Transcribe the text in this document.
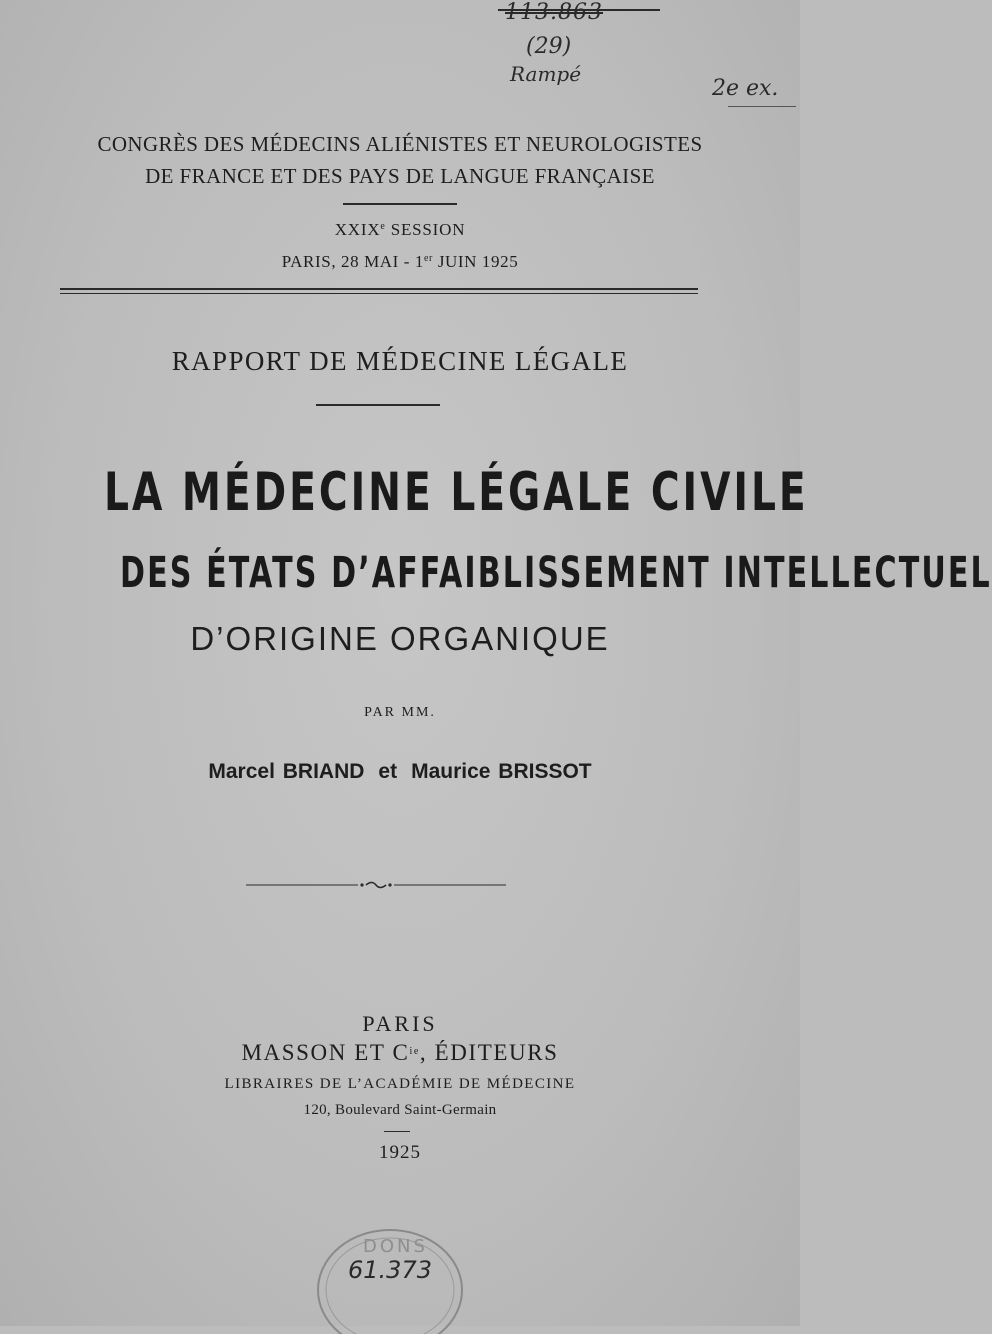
113.863
(29)
Rampé
2e ex.
CONGRÈS DES MÉDECINS ALIÉNISTES ET NEUROLOGISTES
DE FRANCE ET DES PAYS DE LANGUE FRANÇAISE
XXIXe SESSION
PARIS, 28 MAI - 1er JUIN 1925
RAPPORT DE MÉDECINE LÉGALE
LA MÉDECINE LÉGALE CIVILE
DES ÉTATS D’AFFAIBLISSEMENT INTELLECTUEL
D’ORIGINE ORGANIQUE
PAR MM.
Marcel BRIAND et Maurice BRISSOT
PARIS
MASSON ET $C^{ie}$, ÉDITEURS
LIBRAIRES DE L’ACADÉMIE DE MÉDECINE
120, Boulevard Saint-Germain
1925
DONS
61.373
